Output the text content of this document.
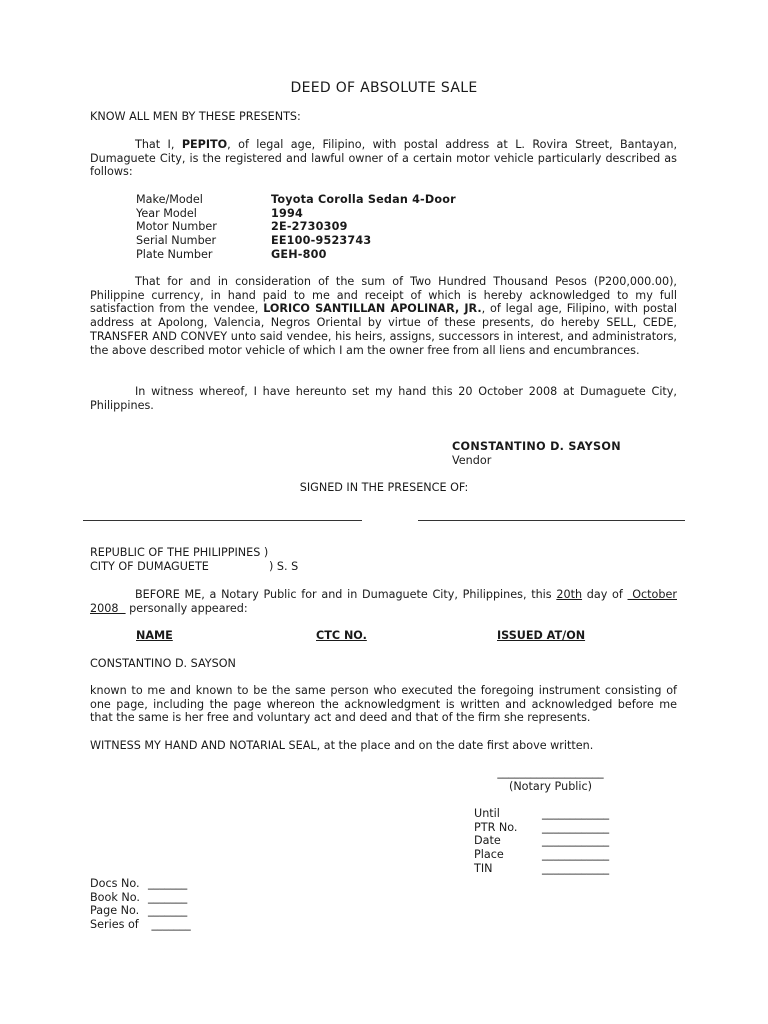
DEED OF ABSOLUTE SALE
KNOW ALL MEN BY THESE PRESENTS:

That I, PEPITO, of legal age, Filipino, with postal address at L. Rovira Street, Bantayan, Dumaguete City, is the registered and lawful owner of a certain motor vehicle particularly described as follows:

Make/Model	Toyota Corolla Sedan 4-Door
Year Model	1994
Motor Number	2E-2730309
Serial Number	EE100-9523743
Plate Number	GEH-800

That for and in consideration of the sum of Two Hundred Thousand Pesos (P200,000.00), Philippine currency, in hand paid to me and receipt of which is hereby acknowledged to my full satisfaction from the vendee, LORICO SANTILLAN APOLINAR, JR., of legal age, Filipino, with postal address at Apolong, Valencia, Negros Oriental by virtue of these presents, do hereby SELL, CEDE, TRANSFER AND CONVEY unto said vendee, his heirs, assigns, successors in interest, and administrators, the above described motor vehicle of which I am the owner free from all liens and encumbrances.

In witness whereof, I have hereunto set my hand this 20 October 2008 at Dumaguete City, Philippines.

CONSTANTINO D. SAYSON
Vendor
SIGNED IN THE PRESENCE OF:
REPUBLIC OF THE PHILIPPINES )
CITY OF DUMAGUETE	) S. S

BEFORE ME, a Notary Public for and in Dumaguete City, Philippines, this 20th day of  October 2008   personally appeared:

NAME	CTC NO.	ISSUED AT/ON
CONSTANTINO D. SAYSON

known to me and known to be the same person who executed the foregoing instrument consisting of one page, including the page whereon the acknowledgment is written and acknowledged before me that the same is her free and voluntary act and deed and that of the firm she represents.

WITNESS MY HAND AND NOTARIAL SEAL, at the place and on the date first above written.
___________________
(Notary Public)
Until	____________
PTR No.	____________
Date	____________
Place	____________
TIN	____________
Docs No. _______
Book No. _______
Page No. _______
Series of _______
